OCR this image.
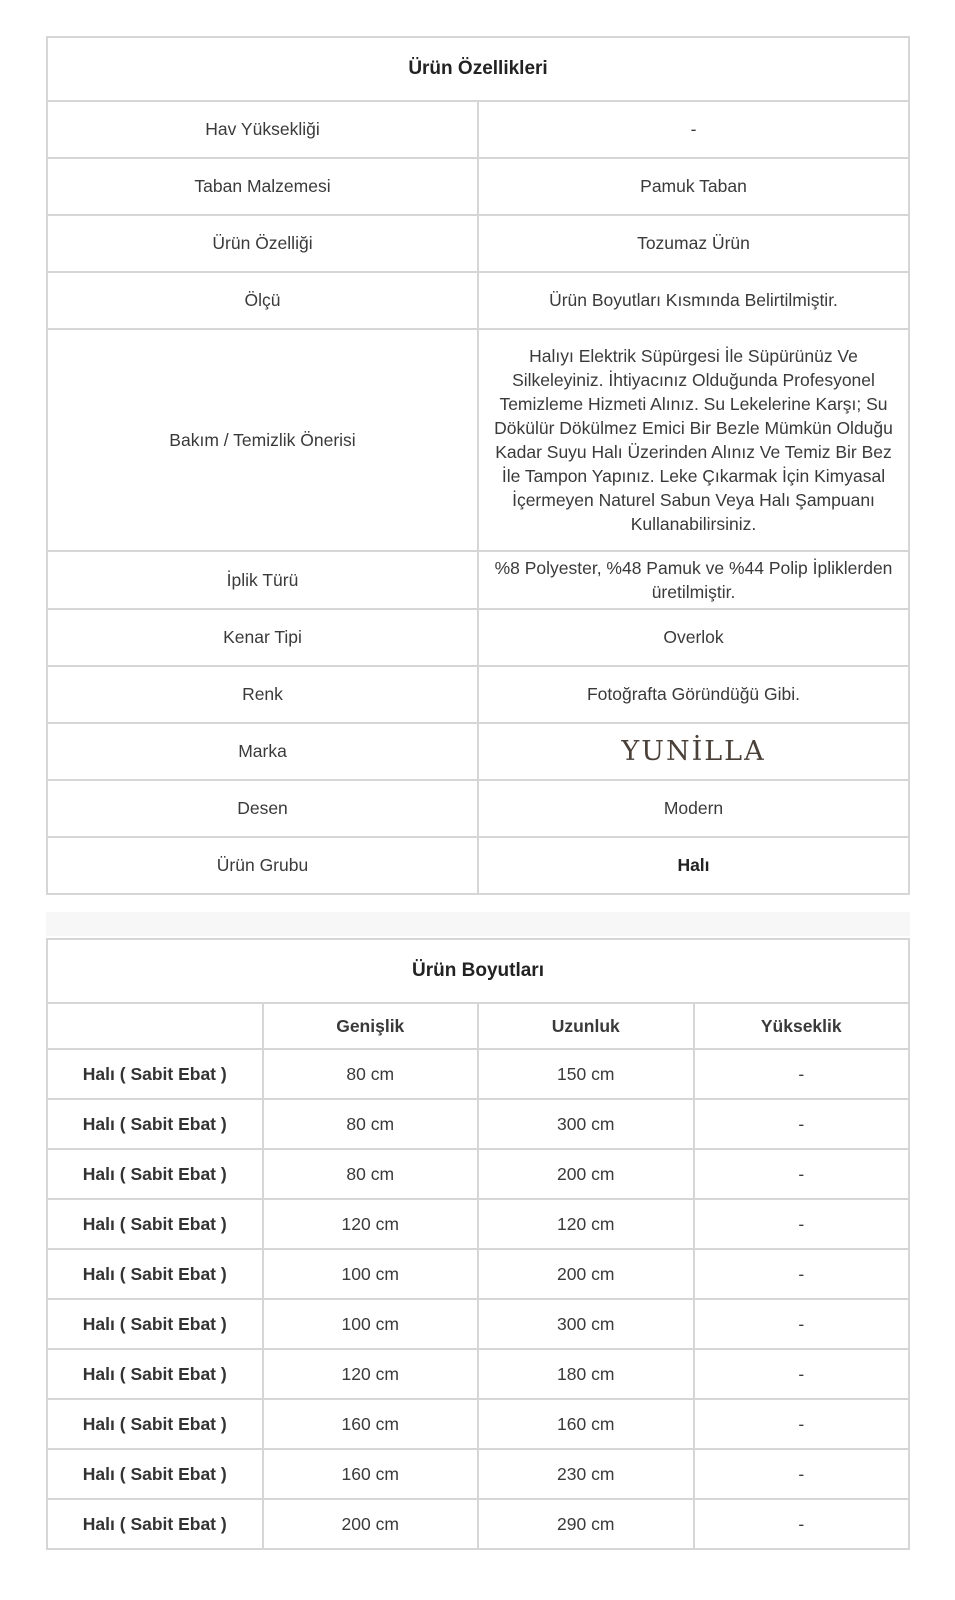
Ürün Özellikleri	
Hav Yüksekliği	-
Taban Malzemesi	Pamuk Taban
Ürün Özelliği	Tozumaz Ürün
Ölçü	Ürün Boyutları Kısmında Belirtilmiştir.
Bakım / Temizlik Önerisi	Halıyı Elektrik Süpürgesi İle Süpürünüz Ve Silkeleyiniz. İhtiyacınız Olduğunda Profesyonel Temizleme Hizmeti Alınız. Su Lekelerine Karşı; Su Dökülür Dökülmez Emici Bir Bezle Mümkün Olduğu Kadar Suyu Halı Üzerinden Alınız Ve Temiz Bir Bez İle Tampon Yapınız. Leke Çıkarmak İçin Kimyasal İçermeyen Naturel Sabun Veya Halı Şampuanı Kullanabilirsiniz.
İplik Türü	%8 Polyester, %48 Pamuk ve %44 Polip İpliklerden üretilmiştir.
Kenar Tipi	Overlok
Renk	Fotoğrafta Göründüğü Gibi.
Marka	YUNİLLA
Desen	Modern
Ürün Grubu	Halı
Ürün Boyutları			
	Genişlik	Uzunluk	Yükseklik
Halı ( Sabit Ebat )	80 cm	150 cm	-
Halı ( Sabit Ebat )	80 cm	300 cm	-
Halı ( Sabit Ebat )	80 cm	200 cm	-
Halı ( Sabit Ebat )	120 cm	120 cm	-
Halı ( Sabit Ebat )	100 cm	200 cm	-
Halı ( Sabit Ebat )	100 cm	300 cm	-
Halı ( Sabit Ebat )	120 cm	180 cm	-
Halı ( Sabit Ebat )	160 cm	160 cm	-
Halı ( Sabit Ebat )	160 cm	230 cm	-
Halı ( Sabit Ebat )	200 cm	290 cm	-
